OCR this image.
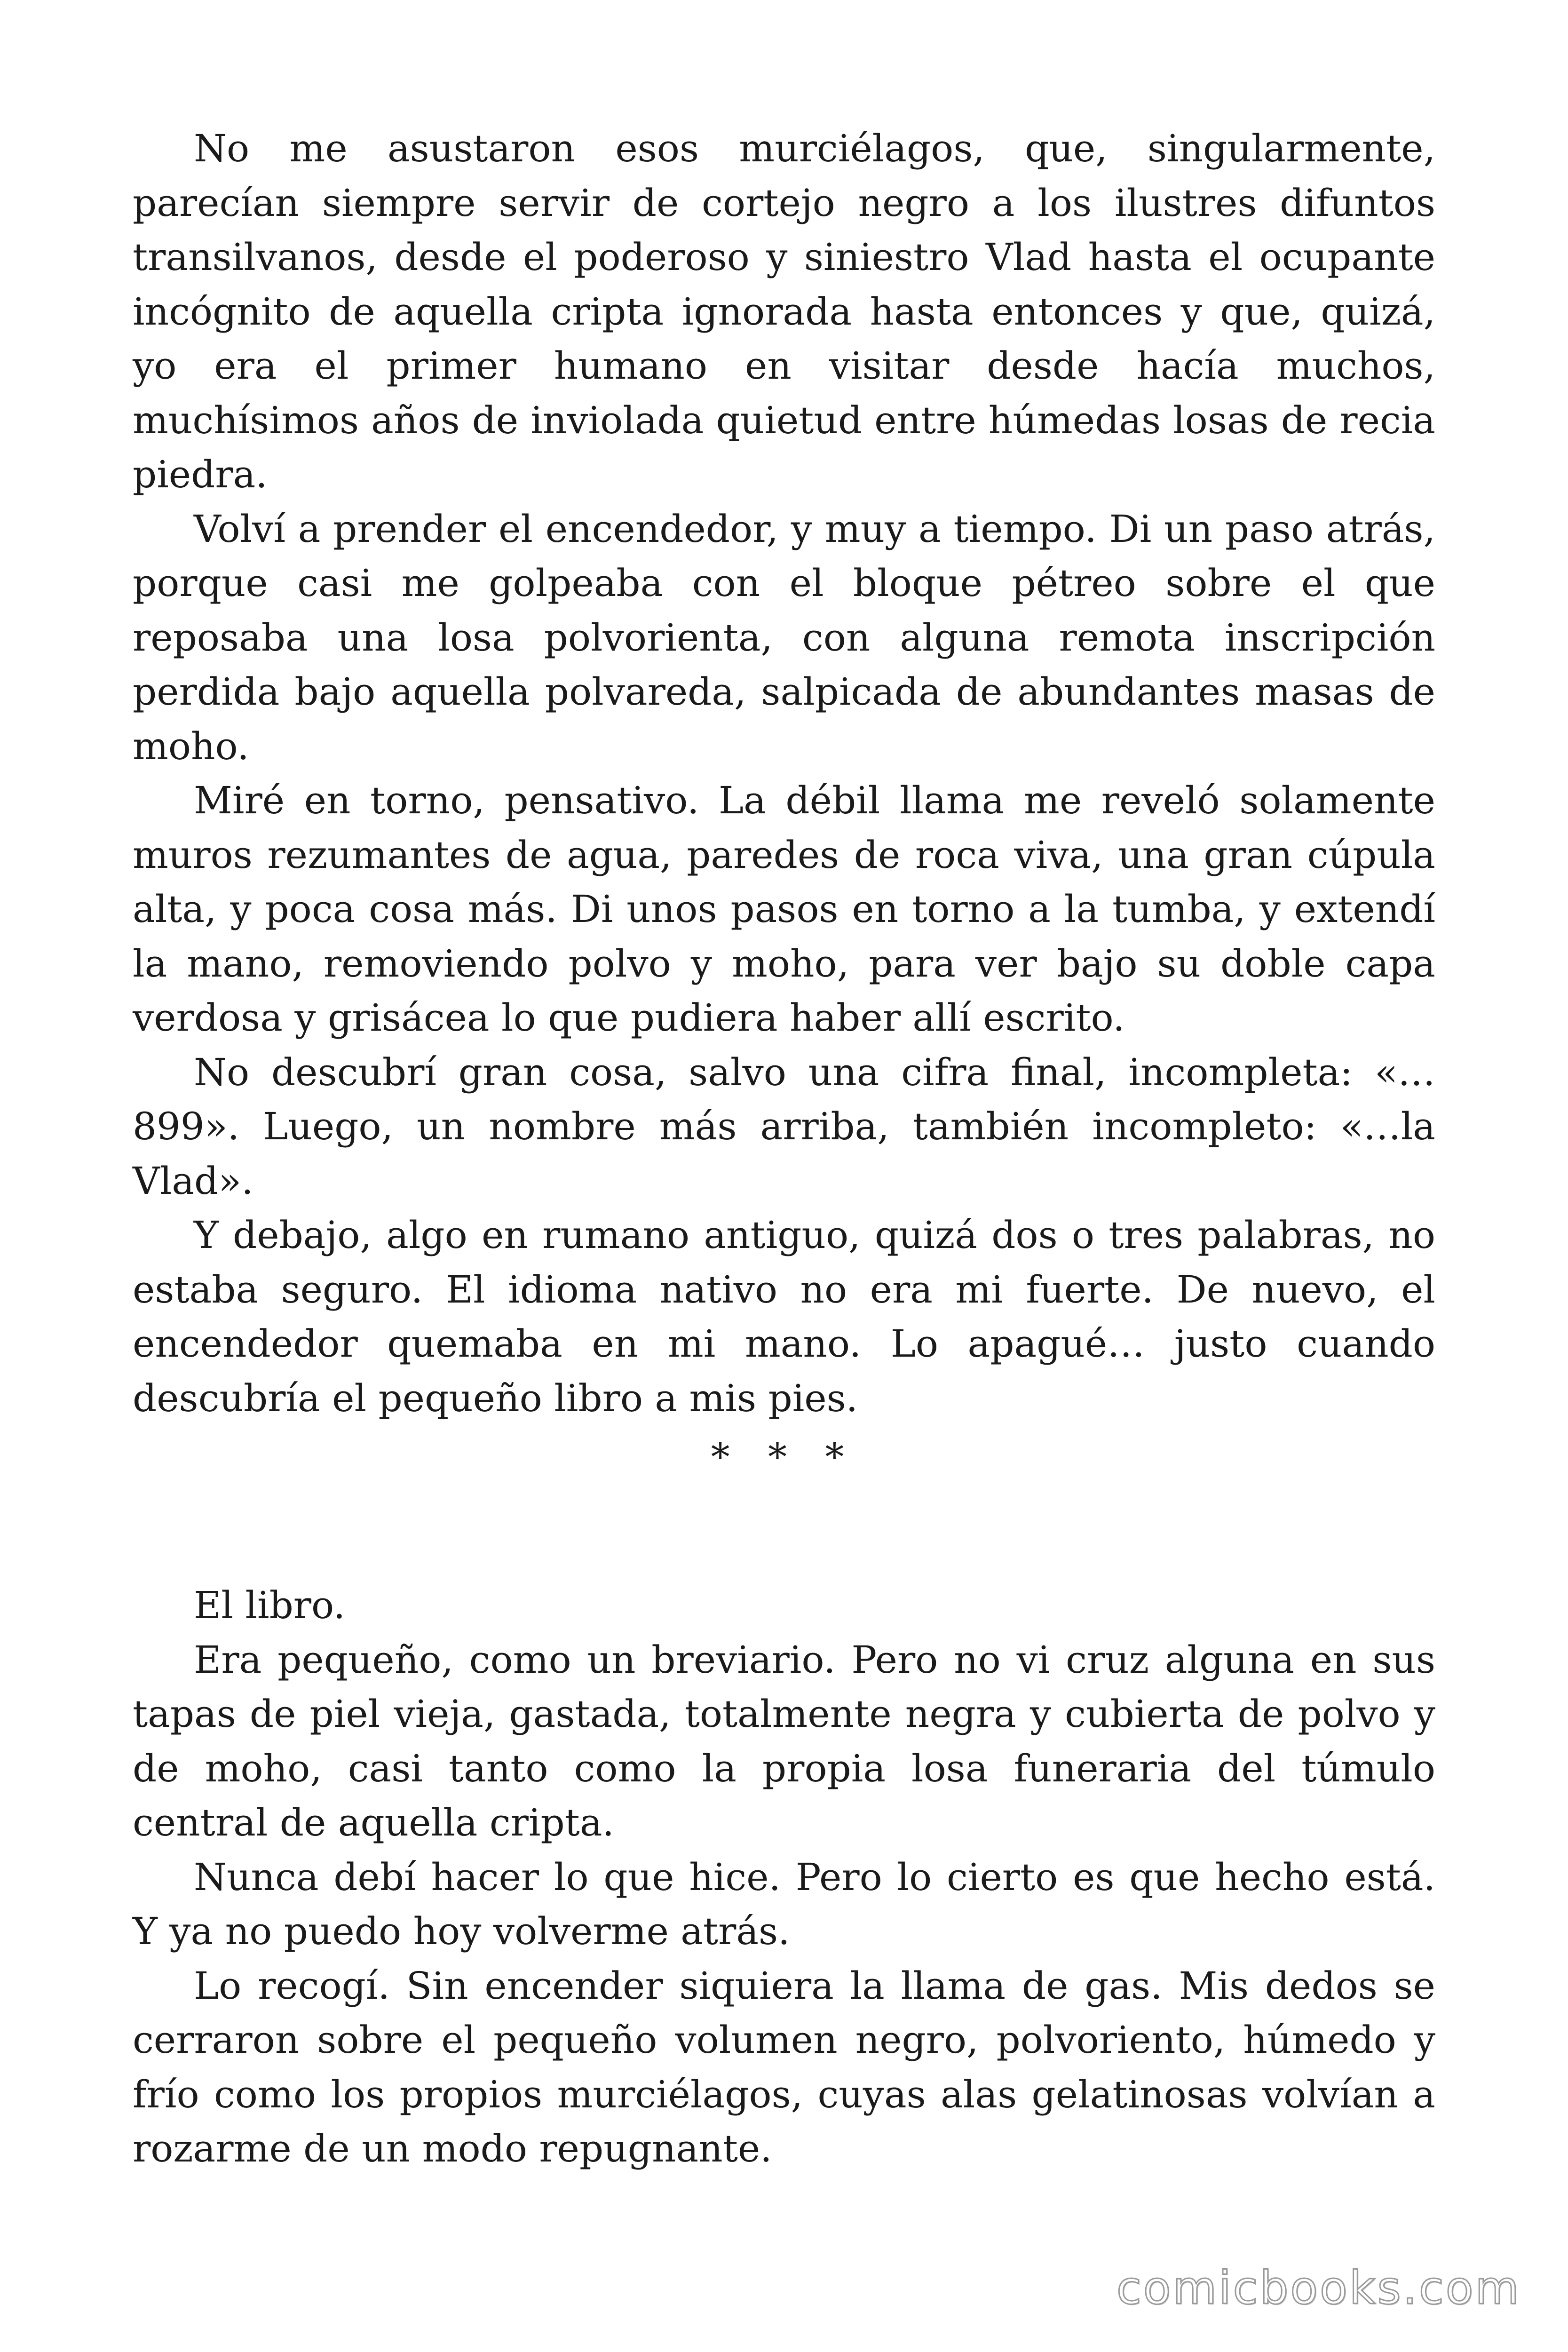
No me asustaron esos murciélagos, que, singularmente, parecían siempre servir de cortejo negro a los ilustres difuntos transilvanos, desde el poderoso y siniestro Vlad hasta el ocupante incógnito de aquella cripta ignorada hasta entonces y que, quizá, yo era el primer humano en visitar desde hacía muchos, muchísimos años de inviolada quietud entre húmedas losas de recia piedra.

Volví a prender el encendedor, y muy a tiempo. Di un paso atrás, porque casi me golpeaba con el bloque pétreo sobre el que reposaba una losa polvorienta, con alguna remota inscripción perdida bajo aquella polvareda, salpicada de abundantes masas de moho.

Miré en torno, pensativo. La débil llama me reveló solamente muros rezumantes de agua, paredes de roca viva, una gran cúpula alta, y poca cosa más. Di unos pasos en torno a la tumba, y extendí la mano, removiendo polvo y moho, para ver bajo su doble capa verdosa y grisácea lo que pudiera haber allí escrito.

No descubrí gran cosa, salvo una cifra final, incompleta: «… 899». Luego, un nombre más arriba, también incompleto: «…la Vlad».

Y debajo, algo en rumano antiguo, quizá dos o tres palabras, no estaba seguro. El idioma nativo no era mi fuerte. De nuevo, el encendedor quemaba en mi mano. Lo apagué… justo cuando descubría el pequeño libro a mis pies.

* * *

El libro.

Era pequeño, como un breviario. Pero no vi cruz alguna en sus tapas de piel vieja, gastada, totalmente negra y cubierta de polvo y de moho, casi tanto como la propia losa funeraria del túmulo central de aquella cripta.

Nunca debí hacer lo que hice. Pero lo cierto es que hecho está. Y ya no puedo hoy volverme atrás.

Lo recogí. Sin encender siquiera la llama de gas. Mis dedos se cerraron sobre el pequeño volumen negro, polvoriento, húmedo y frío como los propios murciélagos, cuyas alas gelatinosas volvían a rozarme de un modo repugnante.

comicbooks.com
